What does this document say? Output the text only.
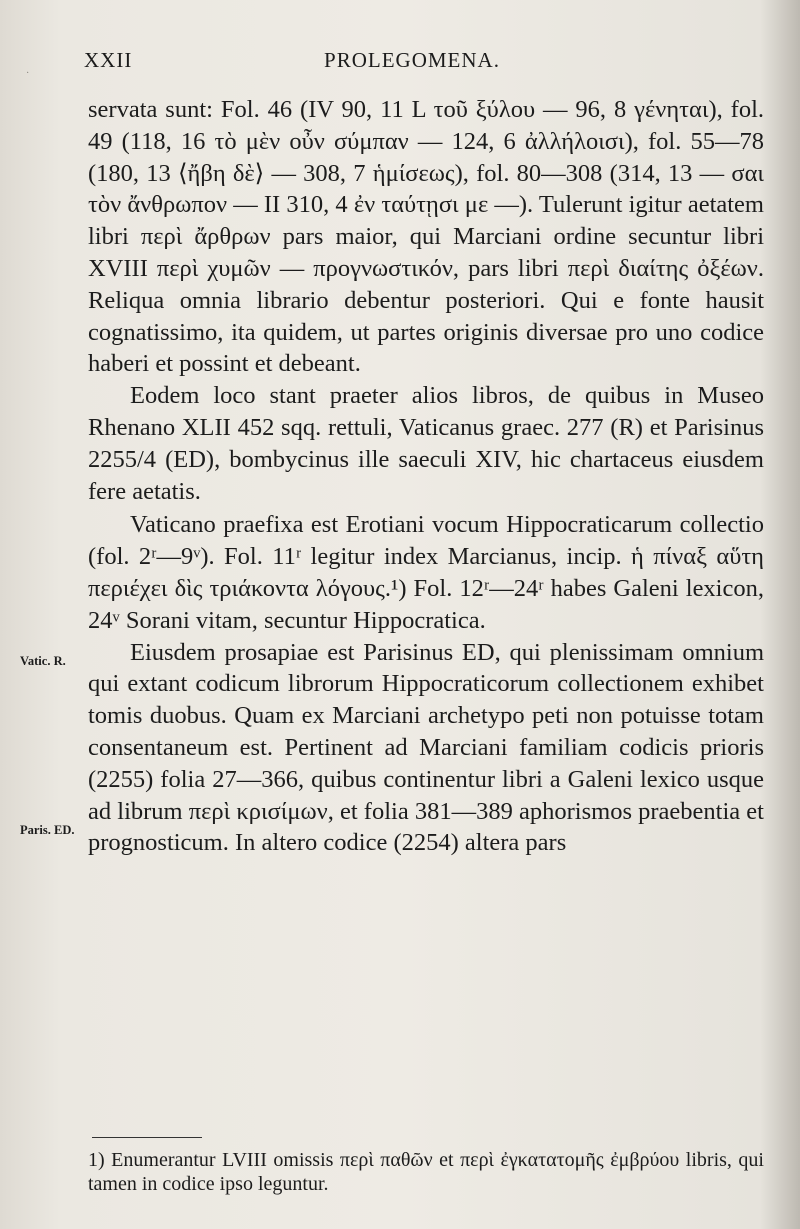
·
XXII	PROLEGOMENA.
Vatic. R.
Paris. ED.

servata sunt: Fol. 46 (IV 90, 11 L τοῦ ξύλου — 96, 8 γένηται), fol. 49 (118, 16 τὸ μὲν οὖν σύμπαν — 124, 6 ἀλλήλοισι), fol. 55—78 (180, 13 ⟨ἤβη δὲ⟩ — 308, 7 ἡμίσεως), fol. 80—308 (314, 13 — σαι τὸν ἄνθρωπον — II 310, 4 ἐν ταύτῃσι με —). Tulerunt igitur aetatem libri περὶ ἄρθρων pars maior, qui Marciani ordine secuntur libri XVIII περὶ χυμῶν — προγνωστικόν, pars libri περὶ διαίτης ὀξέων. Reliqua omnia librario debentur posteriori. Qui e fonte hausit cognatissimo, ita quidem, ut partes originis diversae pro uno codice haberi et possint et debeant.

Eodem loco stant praeter alios libros, de quibus in Museo Rhenano XLII 452 sqq. rettuli, Vaticanus graec. 277 (R) et Parisinus 2255/4 (ED), bombycinus ille saeculi XIV, hic chartaceus eiusdem fere aetatis.

Vaticano praefixa est Erotiani vocum Hippocraticarum collectio (fol. 2ʳ—9ᵛ). Fol. 11ʳ legitur index Marcianus, incip. ἡ πίναξ αὕτη περιέχει δὶς τριάκοντα λόγους.¹) Fol. 12ʳ—24ʳ habes Galeni lexicon, 24ᵛ Sorani vitam, secuntur Hippocratica.

Eiusdem prosapiae est Parisinus ED, qui plenissimam omnium qui extant codicum librorum Hippocraticorum collectionem exhibet tomis duobus. Quam ex Marciani archetypo peti non potuisse totam consentaneum est. Pertinent ad Marciani familiam codicis prioris (2255) folia 27—366, quibus continentur libri a Galeni lexico usque ad librum περὶ κρισίμων, et folia 381—389 aphorismos praebentia et prognosticum. In altero codice (2254) altera pars

1) Enumerantur LVIII omissis περὶ παθῶν et περὶ ἐγκατατομῆς ἐμβρύου libris, qui tamen in codice ipso leguntur.
